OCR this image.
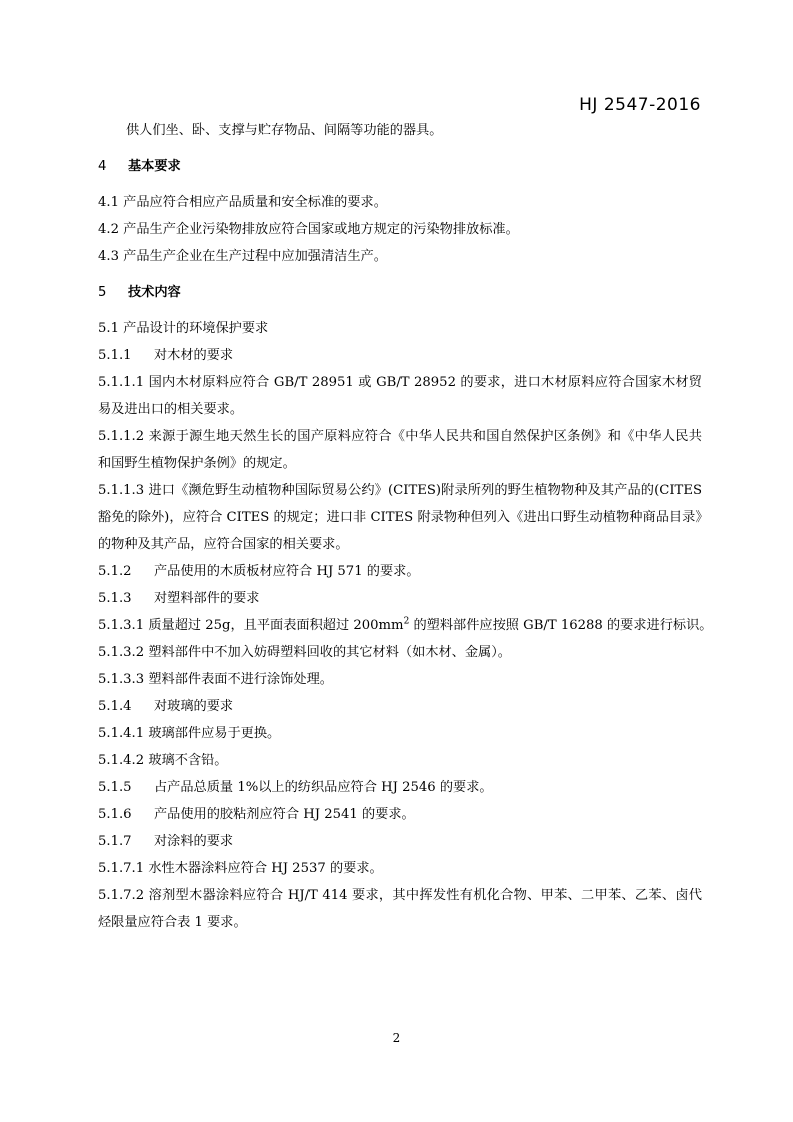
HJ 2547-2016

供人们坐、卧、支撑与贮存物品、间隔等功能的器具。

4 基本要求

4.1 产品应符合相应产品质量和安全标准的要求。

4.2 产品生产企业污染物排放应符合国家或地方规定的污染物排放标准。

4.3 产品生产企业在生产过程中应加强清洁生产。

5 技术内容

5.1 产品设计的环境保护要求

5.1.1 对木材的要求

5.1.1.1 国内木材原料应符合 GB/T 28951 或 GB/T 28952 的要求，进口木材原料应符合国家木材贸易及进出口的相关要求。

5.1.1.2 来源于源生地天然生长的国产原料应符合《中华人民共和国自然保护区条例》和《中华人民共和国野生植物保护条例》的规定。

5.1.1.3 进口《濒危野生动植物种国际贸易公约》(CITES)附录所列的野生植物物种及其产品的(CITES豁免的除外)，应符合 CITES 的规定；进口非 CITES 附录物种但列入《进出口野生动植物种商品目录》的物种及其产品，应符合国家的相关要求。

5.1.2 产品使用的木质板材应符合 HJ 571 的要求。

5.1.3 对塑料部件的要求

5.1.3.1 质量超过 25g，且平面表面积超过 $200mm^2$ 的塑料部件应按照 GB/T 16288 的要求进行标识。

5.1.3.2 塑料部件中不加入妨碍塑料回收的其它材料（如木材、金属）。

5.1.3.3 塑料部件表面不进行涂饰处理。

5.1.4 对玻璃的要求

5.1.4.1 玻璃部件应易于更换。

5.1.4.2 玻璃不含铅。

5.1.5 占产品总质量 1%以上的纺织品应符合 HJ 2546 的要求。

5.1.6 产品使用的胶粘剂应符合 HJ 2541 的要求。

5.1.7 对涂料的要求

5.1.7.1 水性木器涂料应符合 HJ 2537 的要求。

5.1.7.2 溶剂型木器涂料应符合 HJ/T 414 要求，其中挥发性有机化合物、甲苯、二甲苯、乙苯、卤代烃限量应符合表 1 要求。

2
